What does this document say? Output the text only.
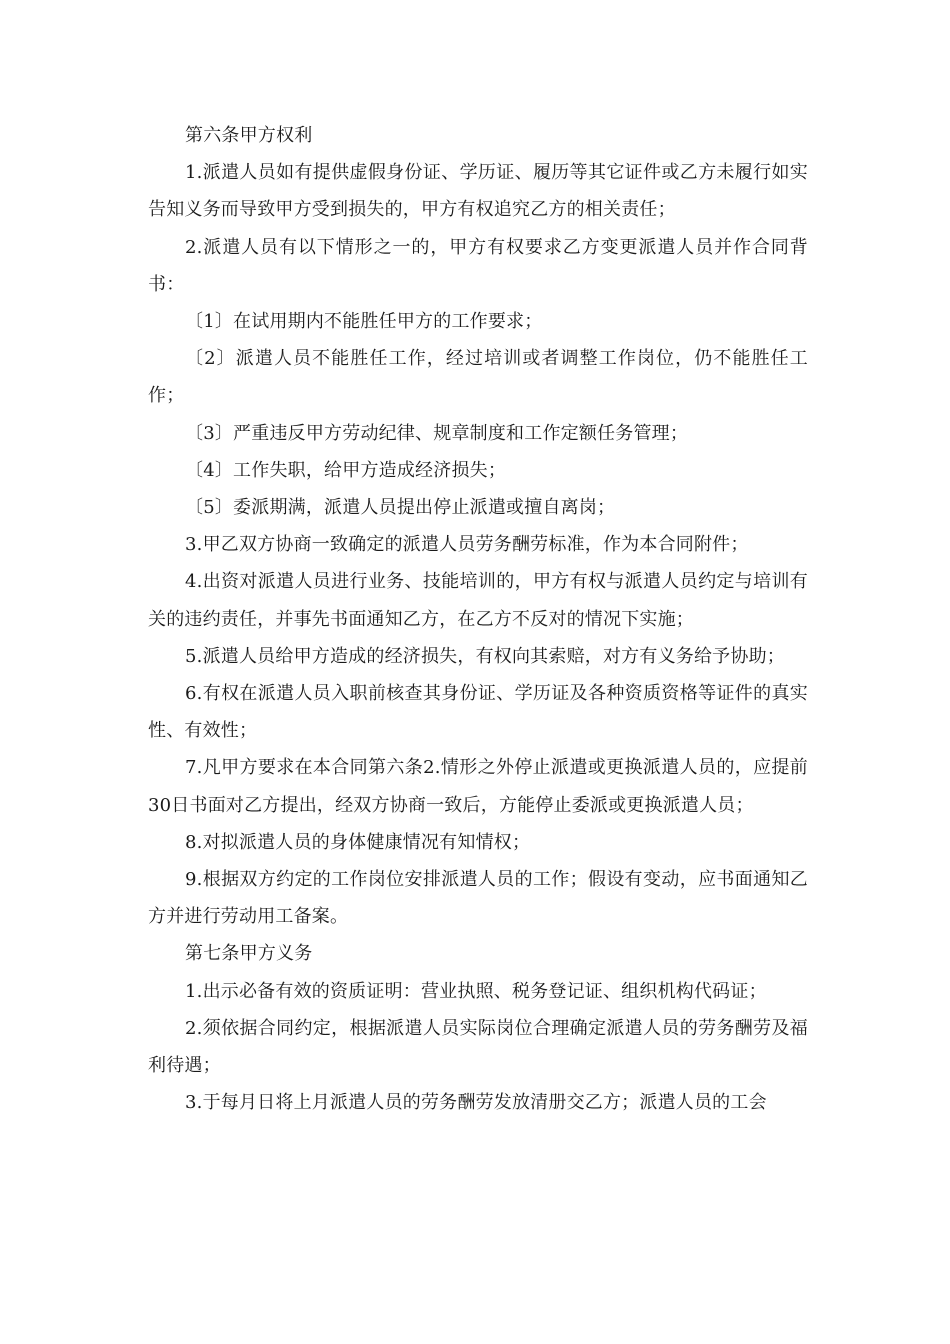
第六条甲方权利

1.派遣人员如有提供虚假身份证、学历证、履历等其它证件或乙方未履行如实告知义务而导致甲方受到损失的，甲方有权追究乙方的相关责任；

2.派遣人员有以下情形之一的，甲方有权要求乙方变更派遣人员并作合同背书：

〔1〕在试用期内不能胜任甲方的工作要求；

〔2〕派遣人员不能胜任工作，经过培训或者调整工作岗位，仍不能胜任工作；

〔3〕严重违反甲方劳动纪律、规章制度和工作定额任务管理；

〔4〕工作失职，给甲方造成经济损失；

〔5〕委派期满，派遣人员提出停止派遣或擅自离岗；

3.甲乙双方协商一致确定的派遣人员劳务酬劳标准，作为本合同附件；

4.出资对派遣人员进行业务、技能培训的，甲方有权与派遣人员约定与培训有关的违约责任，并事先书面通知乙方，在乙方不反对的情况下实施；

5.派遣人员给甲方造成的经济损失，有权向其索赔，对方有义务给予协助；

6.有权在派遣人员入职前核查其身份证、学历证及各种资质资格等证件的真实性、有效性；

7.凡甲方要求在本合同第六条2.情形之外停止派遣或更换派遣人员的，应提前30日书面对乙方提出，经双方协商一致后，方能停止委派或更换派遣人员；

8.对拟派遣人员的身体健康情况有知情权；

9.根据双方约定的工作岗位安排派遣人员的工作；假设有变动，应书面通知乙方并进行劳动用工备案。

第七条甲方义务

1.出示必备有效的资质证明：营业执照、税务登记证、组织机构代码证；

2.须依据合同约定，根据派遣人员实际岗位合理确定派遣人员的劳务酬劳及福利待遇；

3.于每月日将上月派遣人员的劳务酬劳发放清册交乙方；派遣人员的工会
